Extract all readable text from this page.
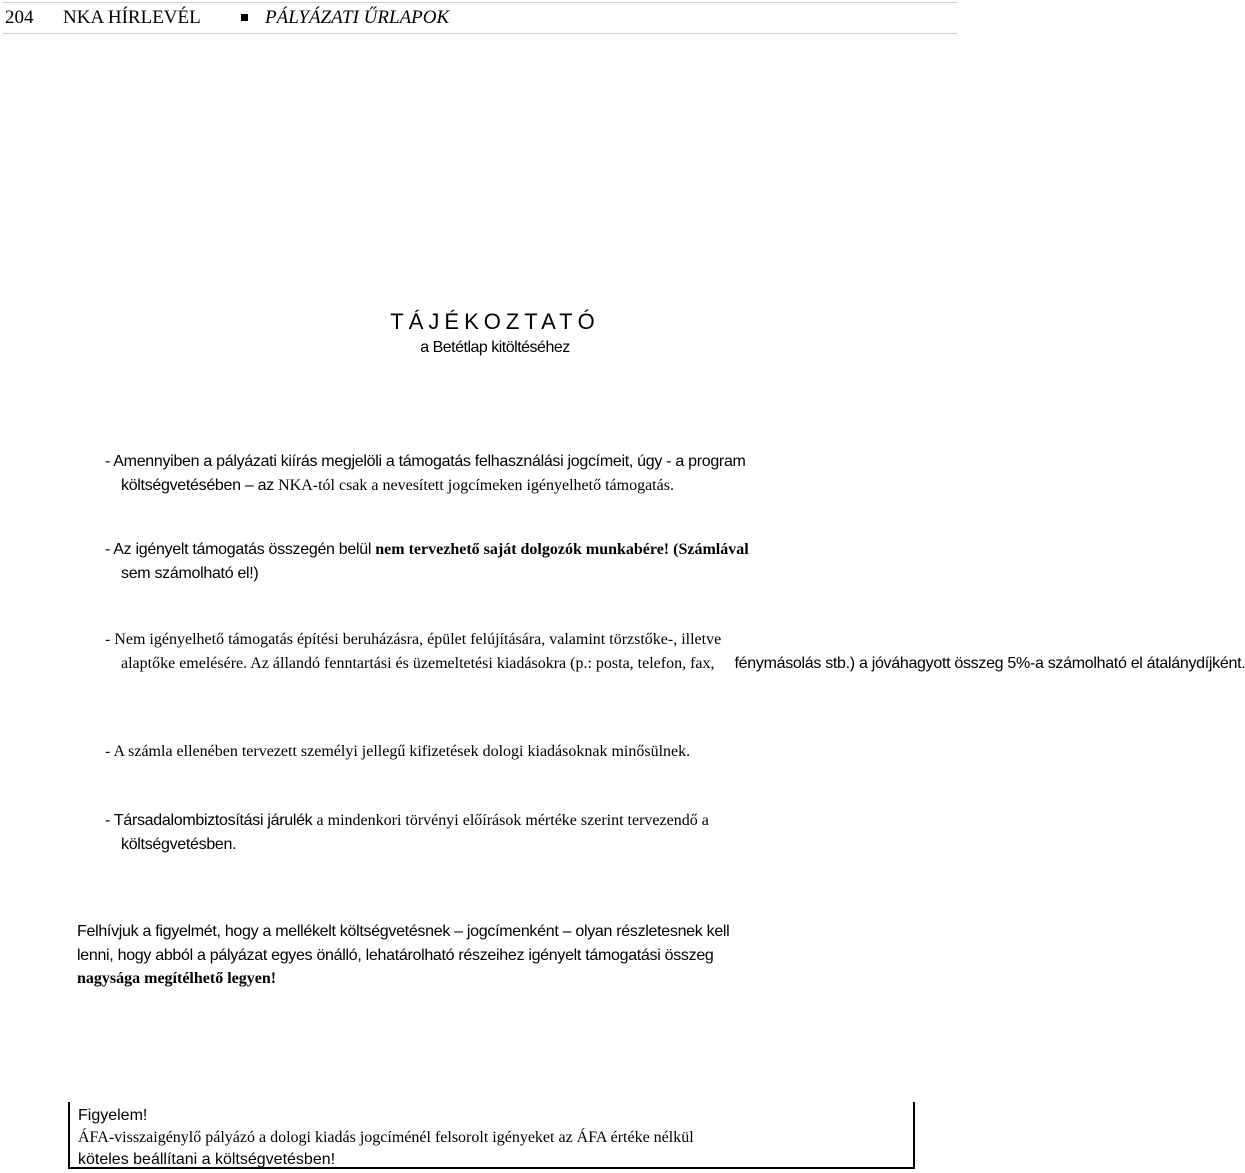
204 NKA HÍRLEVÉL	PÁLYÁZATI ŰRLAPOK
TÁJÉKOZTATÓ
a Betétlap kitöltéséhez
- Amennyiben a pályázati kiírás megjelöli a támogatás felhasználási jogcímeit, úgy - a program
költségvetésében – az NKA-tól csak a nevesített jogcímeken igényelhető támogatás.
- Az igényelt támogatás összegén belül nem tervezhető saját dolgozók munkabére! (Számlával
sem számolható el!)
- Nem igényelhető támogatás építési beruházásra, épület felújítására, valamint törzstőke-, illetve
alaptőke emelésére. Az állandó fenntartási és üzemeltetési kiadásokra (p.: posta, telefon, fax, fénymásolás stb.) a jóváhagyott összeg 5%-a számolható el átalánydíjként.
- A számla ellenében tervezett személyi jellegű kifizetések dologi kiadásoknak minősülnek.
- Társadalombiztosítási járulék a mindenkori törvényi előírások mértéke szerint tervezendő a
költségvetésben.
Felhívjuk a figyelmét, hogy a mellékelt költségvetésnek – jogcímenként – olyan részletesnek kell
lenni, hogy abból a pályázat egyes önálló, lehatárolható részeihez igényelt támogatási összeg
nagysága megítélhető legyen!
Figyelem!
ÁFA-visszaigénylő pályázó a dologi kiadás jogcíménél felsorolt igényeket az ÁFA értéke nélkül
köteles beállítani a költségvetésben!
